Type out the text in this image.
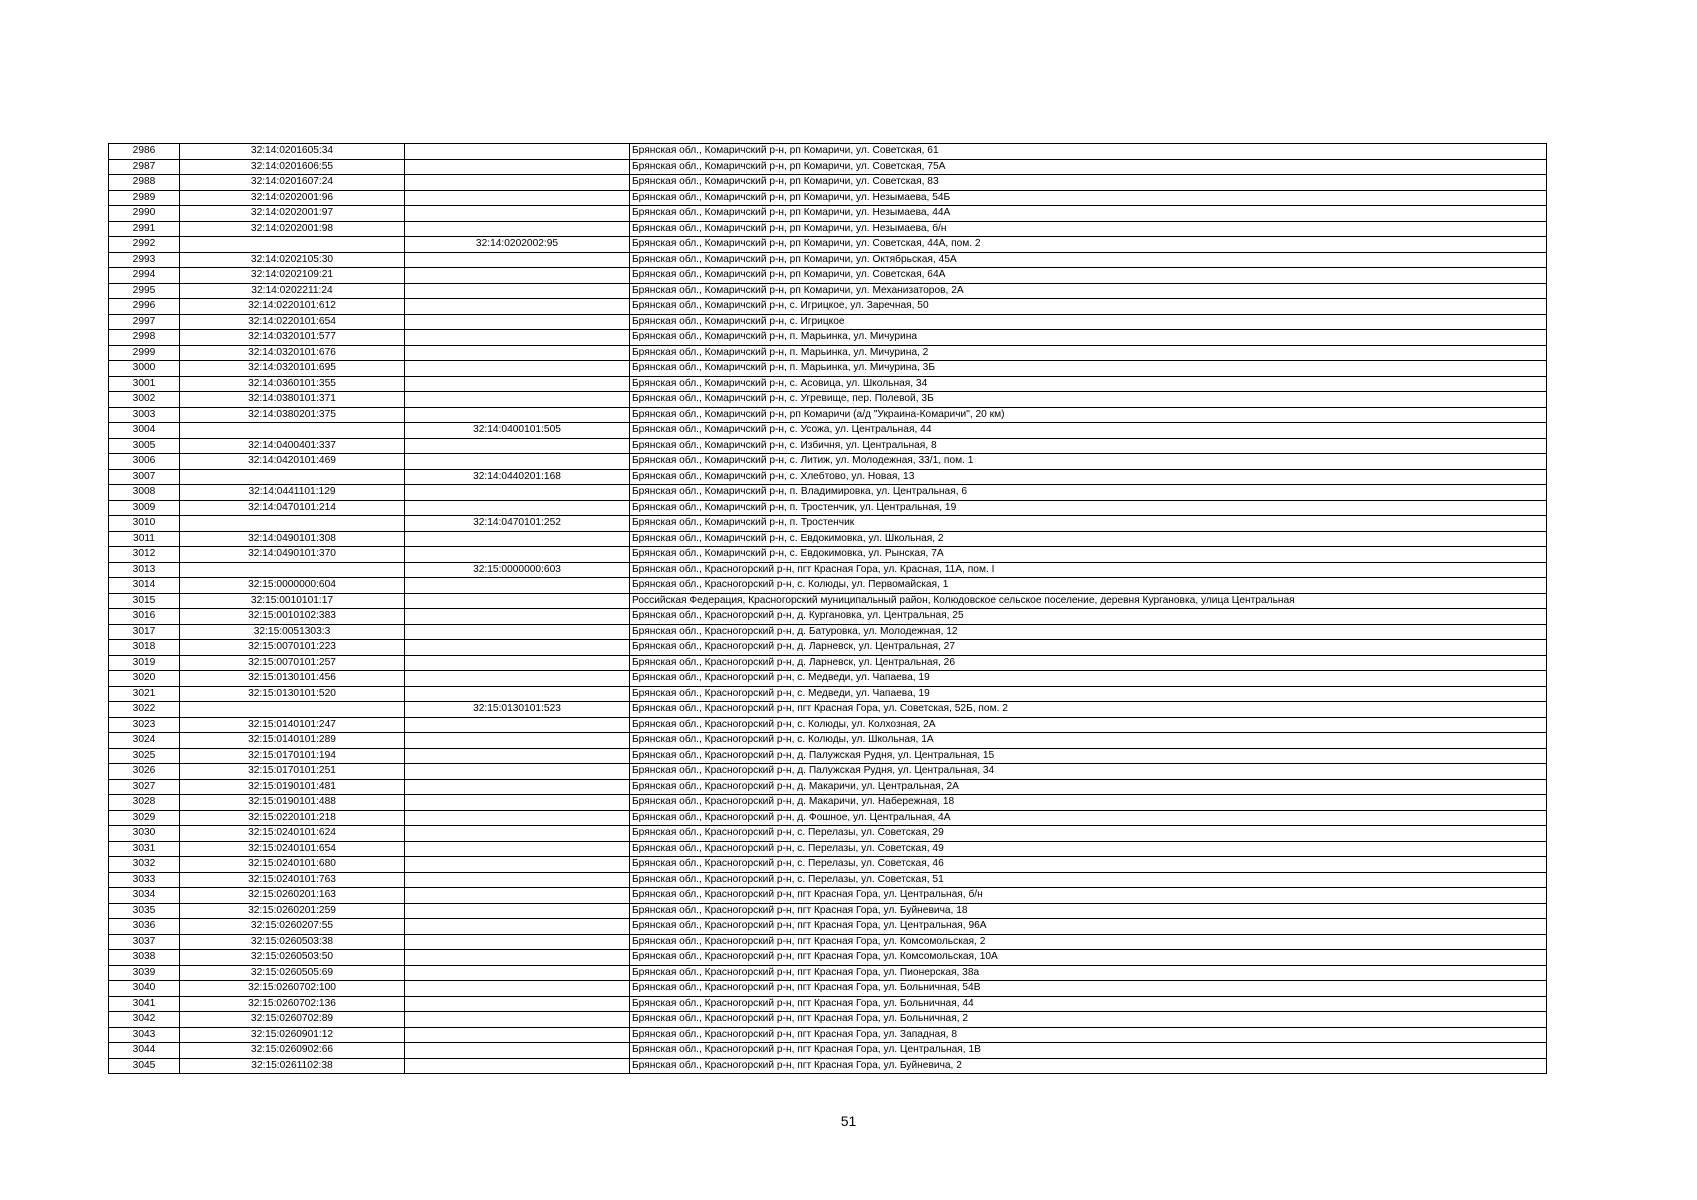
2986	32:14:0201605:34		Брянская обл., Комаричский р-н, рп Комаричи, ул. Советская, 61
2987	32:14:0201606:55		Брянская обл., Комаричский р-н, рп Комаричи, ул. Советская, 75А
2988	32:14:0201607:24		Брянская обл., Комаричский р-н, рп Комаричи, ул. Советская, 83
2989	32:14:0202001:96		Брянская обл., Комаричский р-н, рп Комаричи, ул. Незымаева, 54Б
2990	32:14:0202001:97		Брянская обл., Комаричский р-н, рп Комаричи, ул. Незымаева, 44А
2991	32:14:0202001:98		Брянская обл., Комаричский р-н, рп Комаричи, ул. Незымаева, б/н
2992		32:14:0202002:95	Брянская обл., Комаричский р-н, рп Комаричи, ул. Советская, 44А, пом. 2
2993	32:14:0202105:30		Брянская обл., Комаричский р-н, рп Комаричи, ул. Октябрьская, 45А
2994	32:14:0202109:21		Брянская обл., Комаричский р-н, рп Комаричи, ул. Советская, 64А
2995	32:14:0202211:24		Брянская обл., Комаричский р-н, рп Комаричи, ул. Механизаторов, 2А
2996	32:14:0220101:612		Брянская обл., Комаричский р-н, с. Игрицкое, ул. Заречная, 50
2997	32:14:0220101:654		Брянская обл., Комаричский р-н, с. Игрицкое
2998	32:14:0320101:577		Брянская обл., Комаричский р-н, п. Марьинка, ул. Мичурина
2999	32:14:0320101:676		Брянская обл., Комаричский р-н, п. Марьинка, ул. Мичурина, 2
3000	32:14:0320101:695		Брянская обл., Комаричский р-н, п. Марьинка, ул. Мичурина, 3Б
3001	32:14:0360101:355		Брянская обл., Комаричский р-н, с. Асовица, ул. Школьная, 34
3002	32:14:0380101:371		Брянская обл., Комаричский р-н, с. Угревище, пер. Полевой, 3Б
3003	32:14:0380201:375		Брянская обл., Комаричский р-н, рп Комаричи (а/д "Украина-Комаричи", 20 км)
3004		32:14:0400101:505	Брянская обл., Комаричский р-н, с. Усожа, ул. Центральная, 44
3005	32:14:0400401:337		Брянская обл., Комаричский р-н, с. Избичня, ул. Центральная, 8
3006	32:14:0420101:469		Брянская обл., Комаричский р-н, с. Литиж, ул. Молодежная, 33/1, пом. 1
3007		32:14:0440201:168	Брянская обл., Комаричский р-н, с. Хлебтово, ул. Новая, 13
3008	32:14:0441101:129		Брянская обл., Комаричский р-н, п. Владимировка, ул. Центральная, 6
3009	32:14:0470101:214		Брянская обл., Комаричский р-н, п. Тростенчик, ул. Центральная, 19
3010		32:14:0470101:252	Брянская обл., Комаричский р-н, п. Тростенчик
3011	32:14:0490101:308		Брянская обл., Комаричский р-н, с. Евдокимовка, ул. Школьная, 2
3012	32:14:0490101:370		Брянская обл., Комаричский р-н, с. Евдокимовка, ул. Рынская, 7А
3013		32:15:0000000:603	Брянская обл., Красногорский р-н, пгт Красная Гора, ул. Красная, 11А, пом. I
3014	32:15:0000000:604		Брянская обл., Красногорский р-н, с. Колюды, ул. Первомайская, 1
3015	32:15:0010101:17		Российская Федерация, Красногорский муниципальный район, Колюдовское сельское поселение, деревня Кургановка, улица Центральная
3016	32:15:0010102:383		Брянская обл., Красногорский р-н, д. Кургановка, ул. Центральная, 25
3017	32:15:0051303:3		Брянская обл., Красногорский р-н, д. Батуровка, ул. Молодежная, 12
3018	32:15:0070101:223		Брянская обл., Красногорский р-н, д. Ларневск, ул. Центральная, 27
3019	32:15:0070101:257		Брянская обл., Красногорский р-н, д. Ларневск, ул. Центральная, 26
3020	32:15:0130101:456		Брянская обл., Красногорский р-н, с. Медведи, ул. Чапаева, 19
3021	32:15:0130101:520		Брянская обл., Красногорский р-н, с. Медведи, ул. Чапаева, 19
3022		32:15:0130101:523	Брянская обл., Красногорский р-н, пгт Красная Гора, ул. Советская, 52Б, пом. 2
3023	32:15:0140101:247		Брянская обл., Красногорский р-н, с. Колюды, ул. Колхозная, 2А
3024	32:15:0140101:289		Брянская обл., Красногорский р-н, с. Колюды, ул. Школьная, 1А
3025	32:15:0170101:194		Брянская обл., Красногорский р-н, д. Палужская Рудня, ул. Центральная, 15
3026	32:15:0170101:251		Брянская обл., Красногорский р-н, д. Палужская Рудня, ул. Центральная, 34
3027	32:15:0190101:481		Брянская обл., Красногорский р-н, д. Макаричи, ул. Центральная, 2А
3028	32:15:0190101:488		Брянская обл., Красногорский р-н, д. Макаричи, ул. Набережная, 18
3029	32:15:0220101:218		Брянская обл., Красногорский р-н, д. Фошное, ул. Центральная, 4А
3030	32:15:0240101:624		Брянская обл., Красногорский р-н, с. Перелазы, ул. Советская, 29
3031	32:15:0240101:654		Брянская обл., Красногорский р-н, с. Перелазы, ул. Советская, 49
3032	32:15:0240101:680		Брянская обл., Красногорский р-н, с. Перелазы, ул. Советская, 46
3033	32:15:0240101:763		Брянская обл., Красногорский р-н, с. Перелазы, ул. Советская, 51
3034	32:15:0260201:163		Брянская обл., Красногорский р-н, пгт Красная Гора, ул. Центральная, б/н
3035	32:15:0260201:259		Брянская обл., Красногорский р-н, пгт Красная Гора, ул. Буйневича, 18
3036	32:15:0260207:55		Брянская обл., Красногорский р-н, пгт Красная Гора, ул. Центральная, 96А
3037	32:15:0260503:38		Брянская обл., Красногорский р-н, пгт Красная Гора, ул. Комсомольская, 2
3038	32:15:0260503:50		Брянская обл., Красногорский р-н, пгт Красная Гора, ул. Комсомольская, 10А
3039	32:15:0260505:69		Брянская обл., Красногорский р-н, пгт Красная Гора, ул. Пионерская, 38а
3040	32:15:0260702:100		Брянская обл., Красногорский р-н, пгт Красная Гора, ул. Больничная, 54В
3041	32:15:0260702:136		Брянская обл., Красногорский р-н, пгт Красная Гора, ул. Больничная, 44
3042	32:15:0260702:89		Брянская обл., Красногорский р-н, пгт Красная Гора, ул. Больничная, 2
3043	32:15:0260901:12		Брянская обл., Красногорский р-н, пгт Красная Гора, ул. Западная, 8
3044	32:15:0260902:66		Брянская обл., Красногорский р-н, пгт Красная Гора, ул. Центральная, 1В
3045	32:15:0261102:38		Брянская обл., Красногорский р-н, пгт Красная Гора, ул. Буйневича, 2
51
